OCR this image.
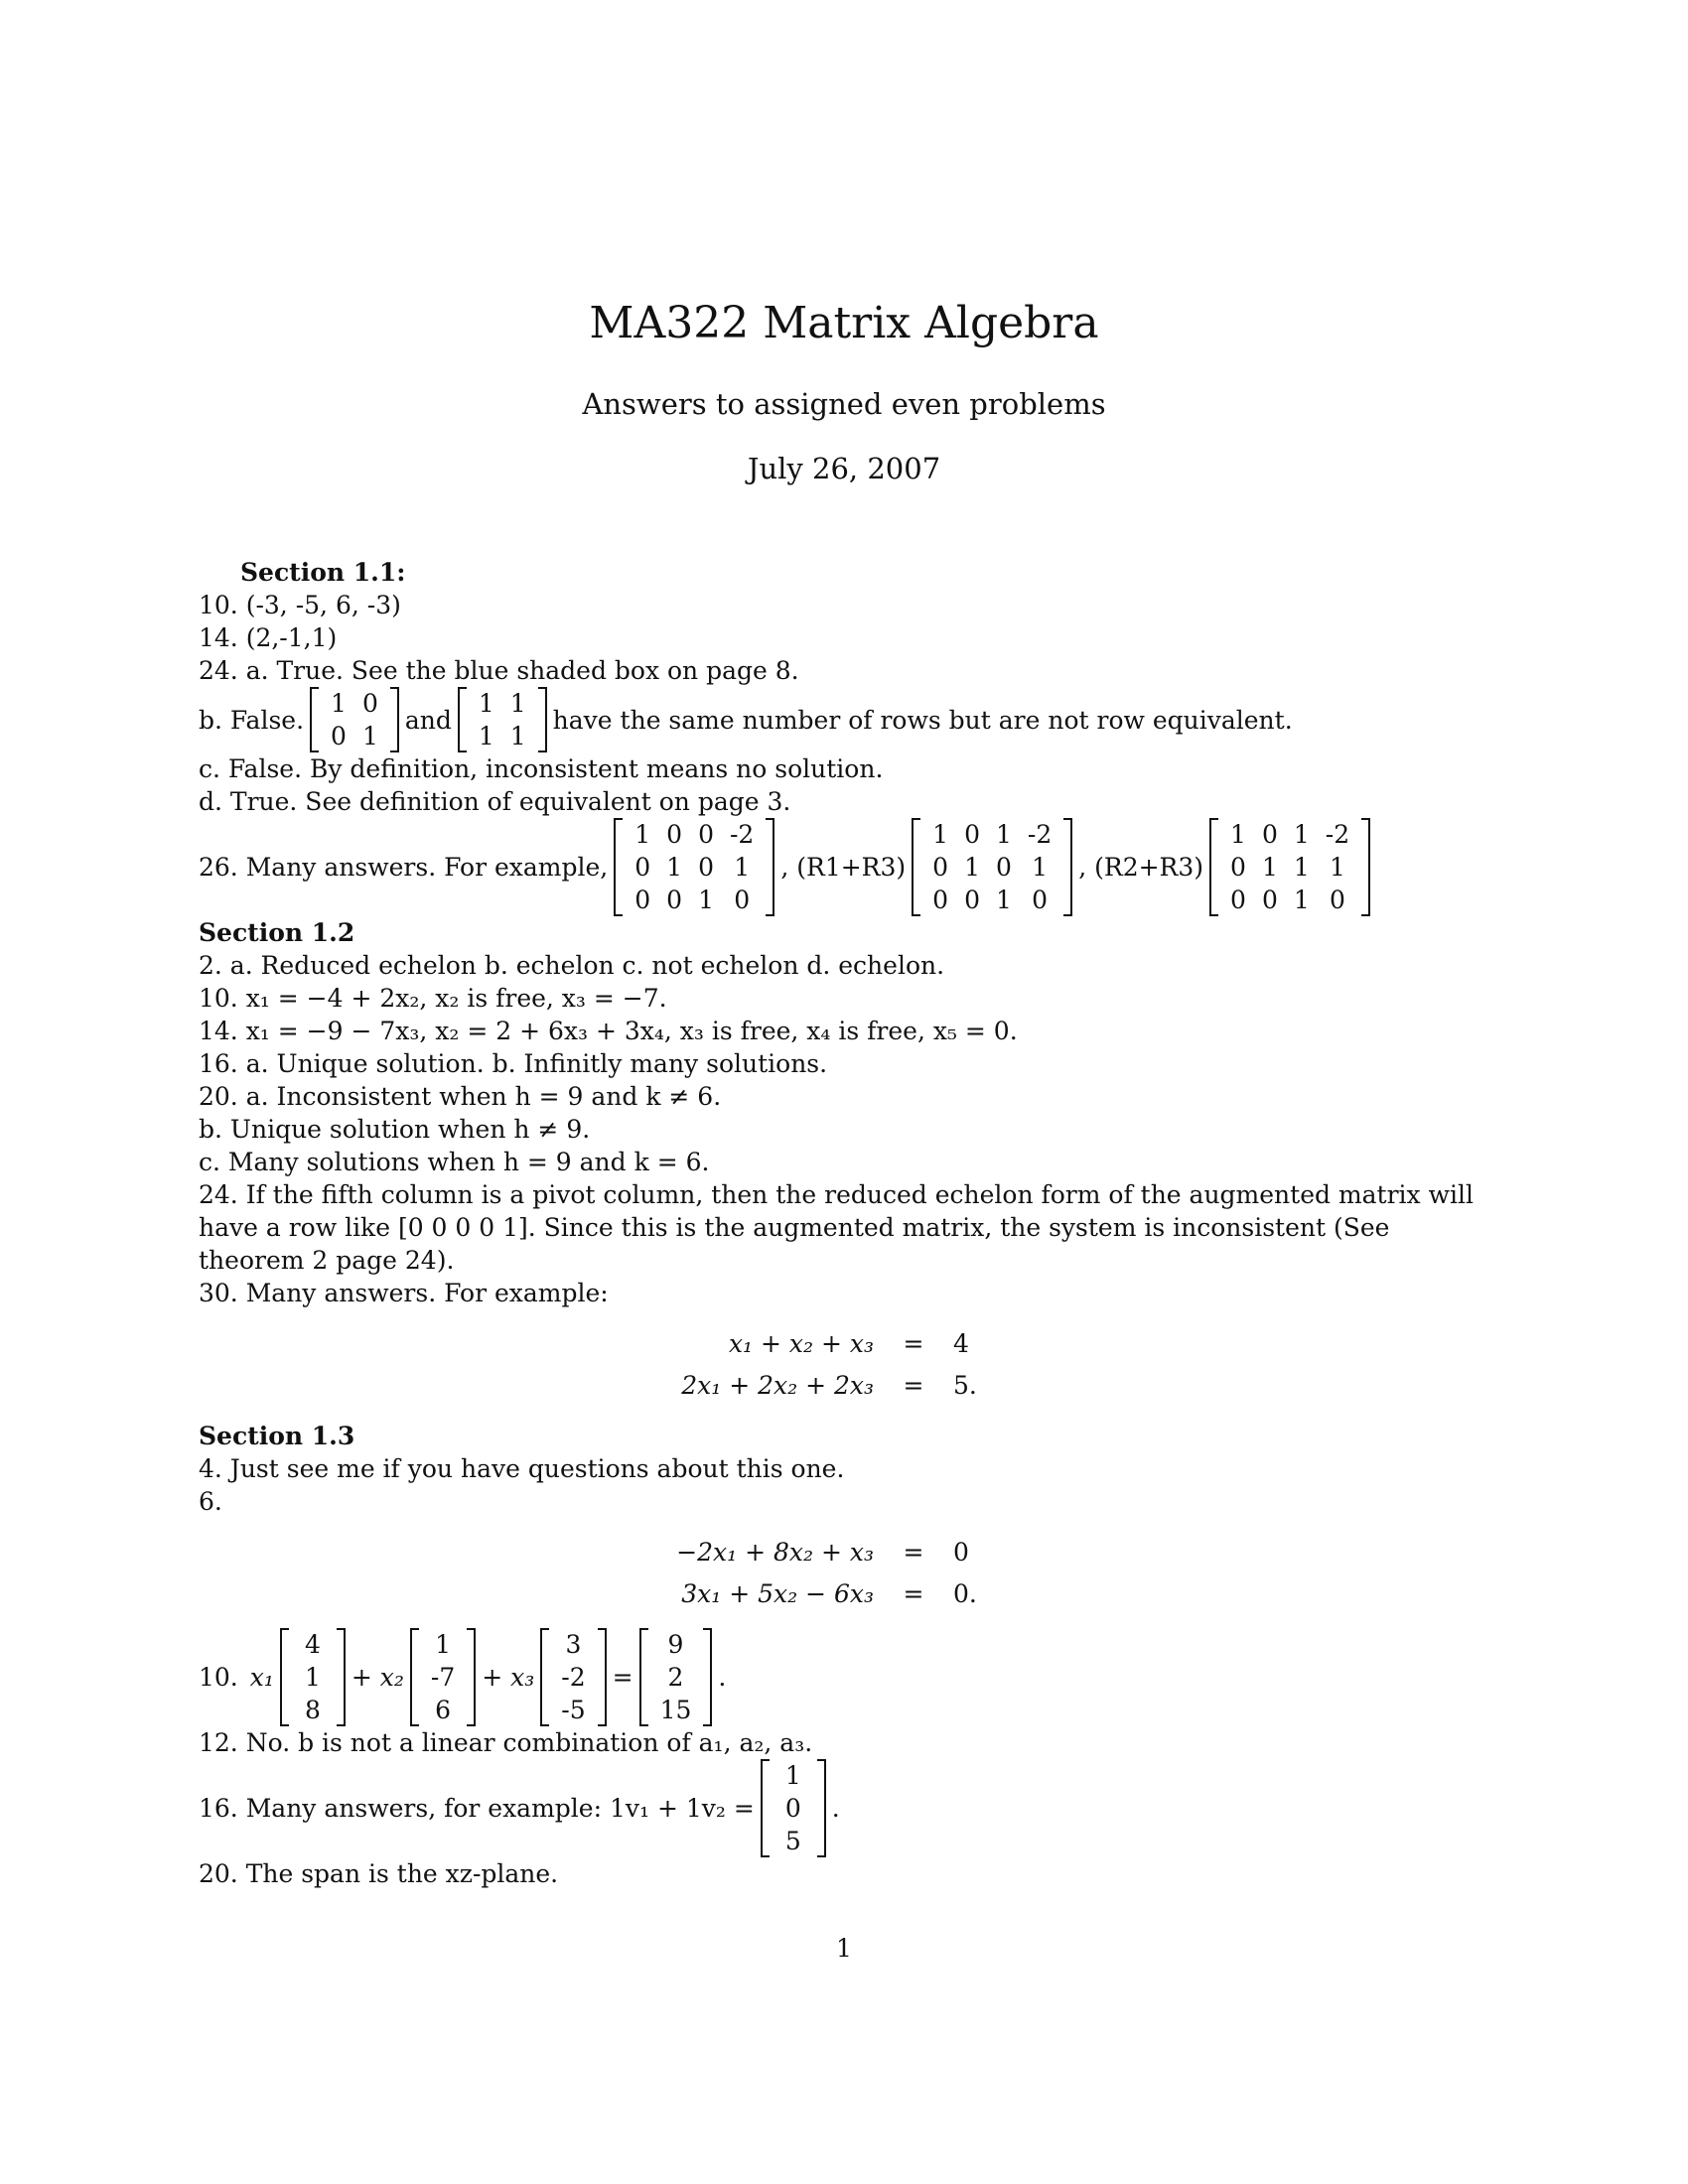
MA322 Matrix Algebra
Answers to assigned even problems
July 26, 2007
Section 1.1:
10. (-3, -5, 6, -3)
14. (2,-1,1)
24. a. True. See the blue shaded box on page 8.
b. False.
1 0
0 1
and
1 1
1 1
have the same number of rows but are not row equivalent.
c. False. By definition, inconsistent means no solution.
d. True. See definition of equivalent on page 3.
26. Many answers. For example,
1 0 0 -2
0 1 0 1
0 0 1 0
, (R1+R3)
1 0 1 -2
0 1 0 1
0 0 1 0
, (R2+R3)
1 0 1 -2
0 1 1 1
0 0 1 0
Section 1.2
2. a. Reduced echelon b. echelon c. not echelon d. echelon.
10. x₁ = −4 + 2x₂, x₂ is free, x₃ = −7.
14. x₁ = −9 − 7x₃, x₂ = 2 + 6x₃ + 3x₄, x₃ is free, x₄ is free, x₅ = 0.
16. a. Unique solution. b. Infinitly many solutions.
20. a. Inconsistent when h = 9 and k ≠ 6.
b. Unique solution when h ≠ 9.
c. Many solutions when h = 9 and k = 6.
24. If the fifth column is a pivot column, then the reduced echelon form of the augmented matrix will have a row like [0 0 0 0 1]. Since this is the augmented matrix, the system is inconsistent (See theorem 2 page 24).
30. Many answers. For example:
x₁ + x₂ + x₃	=	4
2x₁ + 2x₂ + 2x₃	=	5.
Section 1.3
4. Just see me if you have questions about this one.
6.
−2x₁ + 8x₂ + x₃	=	0
3x₁ + 5x₂ − 6x₃	=	0.
10. x₁
4
1
8
+ x₂
1
-7
6
+ x₃
3
-2
-5
=
9
2
15
.
12. No. b is not a linear combination of a₁, a₂, a₃.
16. Many answers, for example: 1v₁ + 1v₂ =
1
0
5
.
20. The span is the xz-plane.
1
